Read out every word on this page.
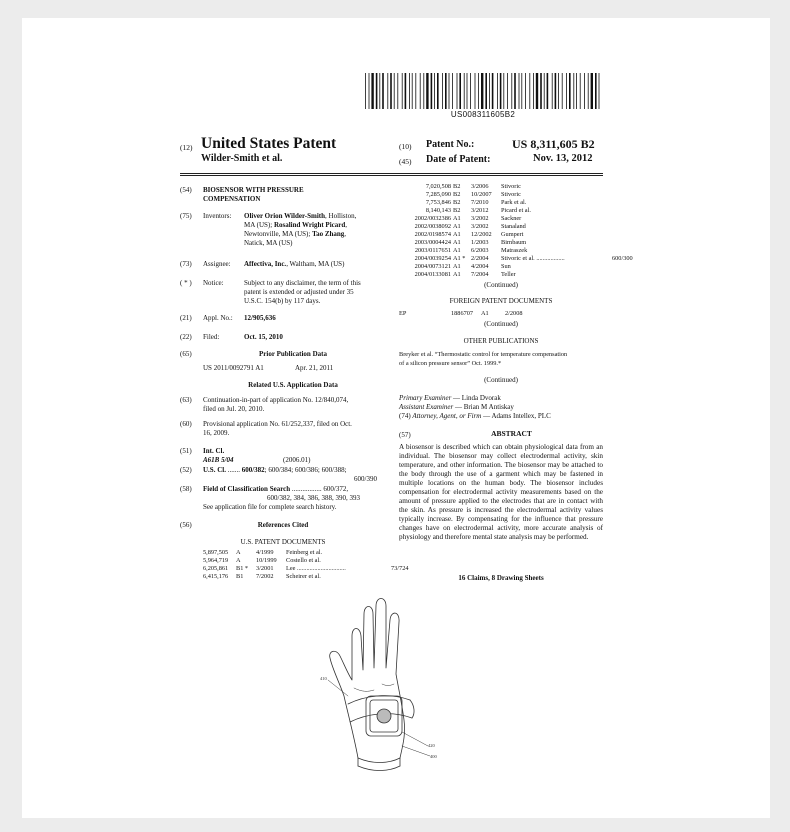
US008311605B2
(12) United States Patent
Wilder-Smith et al.
(10) Patent No.:	US 8,311,605 B2
(45) Date of Patent:	Nov. 13, 2012
(54) BIOSENSOR WITH PRESSURE
COMPENSATION
(75) Inventors: Oliver Orion Wilder-Smith, Holliston,
MA (US); Rosalind Wright Picard,
Newtonville, MA (US); Tao Zhang,
Natick, MA (US)
(73) Assignee: Affectiva, Inc., Waltham, MA (US)
( * ) Notice:	Subject to any disclaimer, the term of this
patent is extended or adjusted under 35
U.S.C. 154(b) by 117 days.
(21) Appl. No.: 12/905,636
(22) Filed:	Oct. 15, 2010
(65)	Prior Publication Data
US 2011/0092791 A1	Apr. 21, 2011
Related U.S. Application Data
(63) Continuation-in-part of application No. 12/840,074,
filed on Jul. 20, 2010.
(60) Provisional application No. 61/252,337, filed on Oct.
16, 2009.
(51) Int. Cl.
A61B 5/04	(2006.01)
(52) U.S. Cl. ....... 600/382; 600/384; 600/386; 600/388;
600/390
(58) Field of Classification Search ................. 600/372,
600/382, 384, 386, 388, 390, 393
See application file for complete search history.
(56)	References Cited
U.S. PATENT DOCUMENTS
5,897,505	A	4/1999	Feinberg et al.
5,964,719	A	10/1999	Costello et al.
6,205,861	B1 *	3/2001	Lee ...............................	73/724
6,415,176	B1	7/2002	Scheirer et al.
7,020,508 B2	3/2006	Stivoric
7,285,090 B2	10/2007	Stivoric
7,753,846 B2	7/2010	Park et al.
8,140,143 B2	3/2012	Picard et al.
2002/0032386 A1	3/2002	Sackner
2002/0038092 A1	3/2002	Stanaland
2002/0198574 A1	12/2002	Gumpert
2003/0004424 A1	1/2003	Birnbaum
2003/0117651 A1	6/2003	Matraszek
2004/0039254 A1 * 2/2004	Stivoric et al. ..................	600/300
2004/0073121 A1	4/2004	Sun
2004/0133081 A1	7/2004	Teller
(Continued)
FOREIGN PATENT DOCUMENTS
EP	1886707	A1	2/2008
(Continued)
OTHER PUBLICATIONS
Breyker et al. “Thermostatic control for temperature compensation
of a silicon pressure sensor” Oct. 1999.*
(Continued)
Primary Examiner — Linda Dvorak
Assistant Examiner — Brian M Antiskay
(74) Attorney, Agent, or Firm — Adams Intellex, PLC
(57)	ABSTRACT
A biosensor is described which can obtain physiological data from an individual. The biosensor may collect electrodermal activity, skin temperature, and other information. The biosensor may be attached to the body through the use of a garment which may be fastened in multiple locations on the human body. The biosensor includes compensation for electrodermal activity measurements based on the amount of pressure applied to the electrodes that are in contact with the skin. As pressure is increased the electrodermal activity values typically increase. By compensating for the influence that pressure changes have on electrodermal activity, more accurate analysis of physiology and therefore mental state analysis may be performed.
16 Claims, 8 Drawing Sheets
410
420
400
